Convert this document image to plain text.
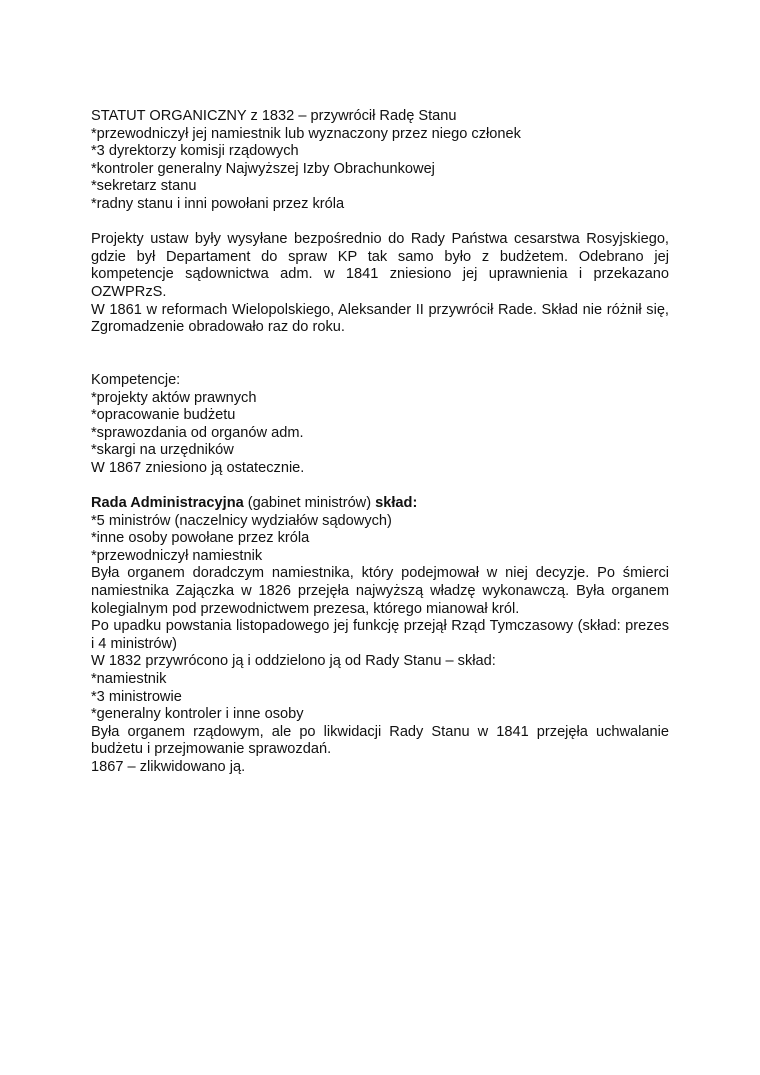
STATUT ORGANICZNY z 1832 – przywrócił Radę Stanu
*przewodniczył jej namiestnik lub wyznaczony przez niego członek
*3 dyrektorzy komisji rządowych
*kontroler generalny Najwyższej Izby Obrachunkowej
*sekretarz stanu
*radny stanu i inni powołani przez króla
Projekty ustaw były wysyłane bezpośrednio do Rady Państwa cesarstwa Rosyjskiego, gdzie był Departament do spraw KP tak samo było z budżetem. Odebrano jej kompetencje sądownictwa adm. w 1841 zniesiono jej uprawnienia i przekazano OZWPRzS.
W 1861 w reformach Wielopolskiego, Aleksander II przywrócił Rade. Skład nie różnił się, Zgromadzenie obradowało raz do roku.
Kompetencje:
*projekty aktów prawnych
*opracowanie budżetu
*sprawozdania od organów adm.
*skargi na urzędników
W 1867 zniesiono ją ostatecznie.
Rada Administracyjna (gabinet ministrów) skład:
*5 ministrów (naczelnicy wydziałów sądowych)
*inne osoby powołane przez króla
*przewodniczył namiestnik
Była organem doradczym namiestnika, który podejmował w niej decyzje. Po śmierci namiestnika Zajączka w 1826 przejęła najwyższą władzę wykonawczą. Była organem kolegialnym pod przewodnictwem prezesa, którego mianował król.
Po upadku powstania listopadowego jej funkcję przejął Rząd Tymczasowy (skład: prezes i 4 ministrów)
W 1832 przywrócono ją i oddzielono ją od Rady Stanu – skład:
*namiestnik
*3 ministrowie
*generalny kontroler i inne osoby
Była organem rządowym, ale po likwidacji Rady Stanu w 1841 przejęła uchwalanie budżetu i przejmowanie sprawozdań.
1867 – zlikwidowano ją.
